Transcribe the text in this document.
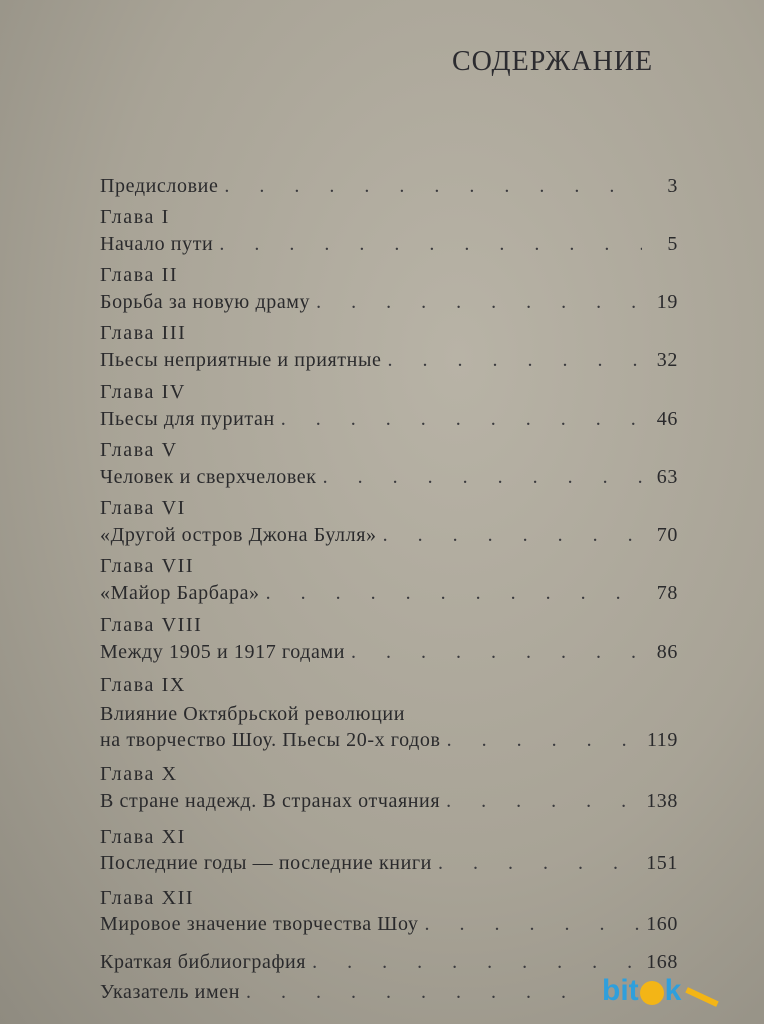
СОДЕРЖАНИЕ
Предисловие .	3
Глава I
Начало пути .	5
Глава II
Борьба за новую драму .	19
Глава III
Пьесы неприятные и приятные .	32
Глава IV
Пьесы для пуритан .	46
Глава V
Человек и сверхчеловек .	63
Глава VI
«Другой остров Джона Булля» .	70
Глава VII
«Майор Барбара» .	78
Глава VIII
Между 1905 и 1917 годами .	86
Глава IX
Влияние Октябрьской революции
на творчество Шоу. Пьесы 20-х годов .	119
Глава X
В стране надежд. В странах отчаяния .	138
Глава XI
Последние годы — последние книги .	151
Глава XII
Мировое значение творчества Шоу .	160
Краткая библиография .	168
Указатель имен .	bit k
